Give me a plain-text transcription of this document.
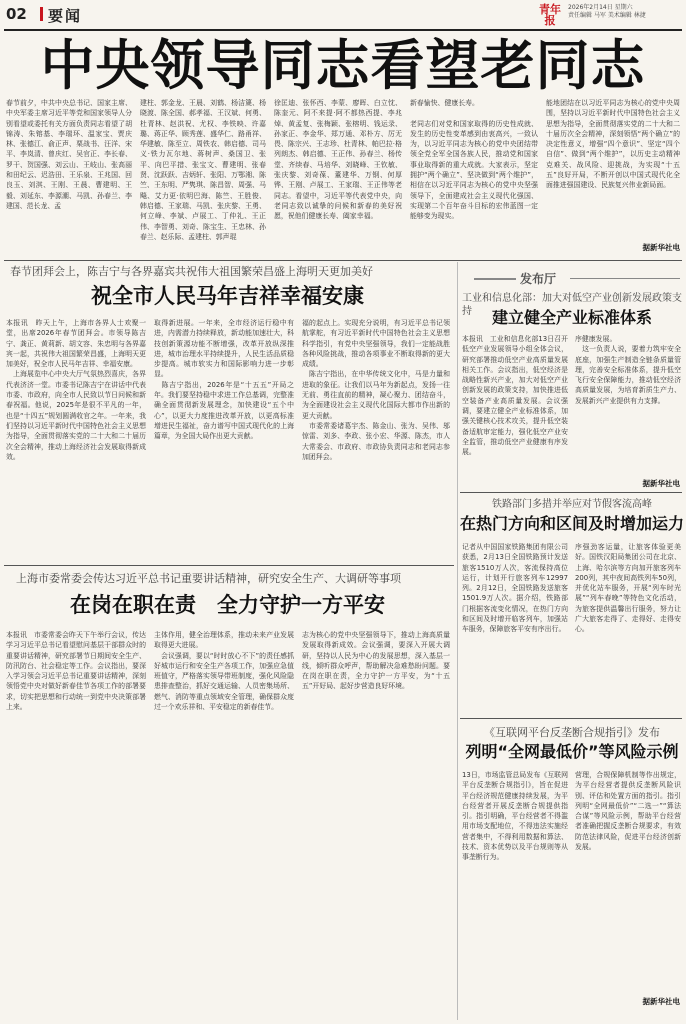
02 要闻	青年报
2026年2月14日 星期六
责任编辑 马军 美术编辑 林捷
中央领导同志看望老同志
春节前夕，中共中央总书记、国家主席、中央军委主席习近平等党和国家领导人分别看望或委托有关方面负责同志看望了胡锦涛、朱镕基、李瑞环、温家宝、贾庆林、张德江、俞正声、栗战书、汪洋、宋平、李岚清、曾庆红、吴官正、李长春、罗干、贺国强、刘云山、王岐山、张高丽和田纪云、迟浩田、王乐泉、王兆国、回良玉、刘淇、王刚、王晨、曹建明、王毅、刘延东、李源潮、马凯、孙春兰、李建国、范长龙、孟
建柱、郭金龙、王晨、刘鹤、杨洁篪、杨晓渡、陈全国、郝孝福、王汉斌、何勇、杜青林、赵洪祝、尤权、李铁映、许嘉璐、蒋正华、顾秀莲、盛华仁、路甬祥、华建敏、陈至立、周铁农、韩启德、司马义·铁力瓦尔地、蒋树声、桑国卫、张平、向巴平措、张宝文、曹建明、张春贤、沈跃跃、吉炳轩、张阳、万鄂湘、陈竺、王东明、严隽琪、陈昌智、周强、马飚、艾力更·依明巴海、陈竺、王胜俊、韩启德、王家瑞、马凯、张庆黎、王勇、何立峰、李斌、卢展工、丁仲礼、王正伟、李智勇、刘奇、陈宝生、王忠林、孙春兰、赵乐际、孟建柱、郭声琨
徐匡迪、张怀西、李蒙、廖晖、白立忱、陈奎元、阿不来提·阿不都热西提、李兆焯、黄孟复、张梅颖、张榕明、钱运录、孙家正、李金华、郑万通、邓朴方、厉无畏、陈宗兴、王志珍、杜青林、帕巴拉·格列朗杰、韩启德、王正伟、孙春兰、杨传堂、齐续春、马培华、刘晓峰、王钦敏、张庆黎、刘奇葆、董建华、万钢、何厚铧、王刚、卢展工、王家瑞、王正伟等老同志。看望中，习近平等代表党中央，向老同志致以诚挚的问候和新春的美好祝愿，祝他们健康长寿、阖家幸福。
新春愉快、健康长寿。

老同志们对党和国家取得的历史性成就、发生的历史性变革感到由衷高兴，一致认为，以习近平同志为核心的党中央团结带领全党全军全国各族人民，推动党和国家事业取得新的重大成就。大家表示，坚定拥护“两个确立”、坚决做到“两个维护”，相信在以习近平同志为核心的党中央坚强领导下，全面建成社会主义现代化强国、实现第二个百年奋斗目标的宏伟蓝图一定能够变为现实。
能地团结在以习近平同志为核心的党中央周围，坚持以习近平新时代中国特色社会主义思想为指导，全面贯彻落实党的二十大和二十届历次全会精神，深刻领悟“两个确立”的决定性意义，增强“四个意识”、坚定“四个自信”、做到“两个维护”，以历史主动精神克难关、战风险、迎挑战，为实现“十五五”良好开局，不断开创以中国式现代化全面推进强国建设、民族复兴伟业新局面。
据新华社电
春节团拜会上，陈吉宁与各界嘉宾共祝伟大祖国繁荣昌盛上海明天更加美好
祝全市人民马年吉祥幸福安康
本报讯　昨天上午，上海市各界人士欢聚一堂，出席2026年春节团拜会。市领导陈吉宁、龚正、黄莉新、胡文容、朱忠明与各界嘉宾一起，共祝伟大祖国繁荣昌盛，上海明天更加美好，祝全市人民马年吉祥、幸福安康。
　上海展览中心中央大厅气氛热烈喜庆，各界代表济济一堂。市委书记陈吉宁在讲话中代表市委、市政府，向全市人民致以节日问候和新春祝福。他说，2025年是很不平凡的一年，也是“十四五”规划圆满收官之年。一年来，我们坚持以习近平新时代中国特色社会主义思想为指导，全面贯彻落实党的二十大和二十届历次全会精神，推动上海经济社会发展取得新成效。
取得新进展。一年来，全市经济运行稳中有进，内需潜力持续释放，新动能加速壮大，科技创新策源功能不断增强，改革开放纵深推进，城市治理水平持续提升，人民生活品质稳步提高。城市软实力和国际影响力进一步彰显。
　陈吉宁指出，2026年是“十五五”开局之年。我们要坚持稳中求进工作总基调，完整准确全面贯彻新发展理念，加快建设“五个中心”，以更大力度推进改革开放，以更高标准增进民生福祉，奋力谱写中国式现代化的上海篇章，为全国大局作出更大贡献。
福的起点上。实现充分说明，有习近平总书记领航掌舵，有习近平新时代中国特色社会主义思想科学指引，有党中央坚强领导，我们一定能战胜各种风险挑战，推动各项事业不断取得新的更大成绩。
　陈吉宁指出，在中华传统文化中，马是力量和进取的象征。让我们以马年为新起点，发扬一往无前、勇往直前的精神，凝心聚力、团结奋斗，为全面建设社会主义现代化国际大都市作出新的更大贡献。
　市委常委诸葛宇杰、陈金山、张为、吴伟、邬惊雷、刘多、李政、张小宏、华源、陈杰，市人大常委会、市政府、市政协负责同志和老同志参加团拜会。
上海市委常委会传达习近平总书记重要讲话精神，研究安全生产、大调研等事项
在岗在职在责　全力守护一方平安
本报讯　市委常委会昨天下午举行会议，传达学习习近平总书记看望慰问基层干部群众时的重要讲话精神，研究部署节日期间安全生产、防汛防台、社会稳定等工作。会议指出，要深入学习领会习近平总书记重要讲话精神，深刻领悟党中央对做好新春佳节各项工作的部署要求，切实把思想和行动统一到党中央决策部署上来。
主体作用，健全治理体系，推动未来产业发展取得更大进展。
　会议强调，要以“时时放心不下”的责任感抓好城市运行和安全生产各项工作，加强应急值班值守，严格落实领导带班制度，强化风险隐患排查整治，抓好交通运输、人员密集场所、燃气、消防等重点领域安全管理，确保群众度过一个欢乐祥和、平安稳定的新春佳节。
志为核心的党中央坚强领导下，推动上海高质量发展取得新成效。会议强调，要深入开展大调研，坚持以人民为中心的发展思想，深入基层一线，倾听群众呼声，帮助解决急难愁盼问题。要在岗在职在责，全力守护一方平安，为“十五五”开好局、起好步营造良好环境。
发布厅
工业和信息化部：加大对低空产业创新发展政策支持	建立健全产业标准体系
本报讯　工业和信息化部13日召开低空产业发展领导小组全体会议，研究部署推动低空产业高质量发展相关工作。会议指出，低空经济是战略性新兴产业，加大对低空产业创新发展的政策支持，加快推进低空装备产业高质量发展。会议强调，要建立健全产业标准体系，加强关键核心技术攻关，提升低空装备适航审定能力，强化低空产业安全监管，推动低空产业健康有序发展。
序健康发展。
　这一负责人说，要着力筑牢安全底座，加强生产制造全链条质量管理，完善安全标准体系，提升低空飞行安全保障能力，推动低空经济高质量发展，为培育新质生产力、发展新兴产业提供有力支撑。
据新华社电
铁路部门多措并举应对节假客流高峰
在热门方向和区间及时增加运力
记者从中国国家铁路集团有限公司获悉，2月13日全国铁路预计发送旅客1510万人次，客流保持高位运行，计划开行旅客列车12997列。2月12日，全国铁路发送旅客1501.9万人次。据介绍，铁路部门根据客流变化情况，在热门方向和区间及时增开临客列车，加强站车服务，保障旅客平安有序出行。
序强劲客运量，让旅客体验更美好。国铁汉阳局集团公司在北京、上海、哈尔滨等方向加开旅客列车200列，其中夜间高铁列车50列，并优化站车服务，开展“列车时光展”“列车春晚”等特色文化活动，为旅客提供温馨出行服务，努力让广大旅客走得了、走得好、走得安心。
《互联网平台反垄断合规指引》发布
列明“全网最低价”等风险示例
13日，市场监管总局发布《互联网平台反垄断合规指引》，旨在促进平台经济规范健康持续发展，为平台经营者开展反垄断合规提供指引。指引明确，平台经营者不得滥用市场支配地位，不得违法实施经营者集中，不得利用数据和算法、技术、资本优势以及平台规则等从事垄断行为。
营理，合规保障机制等作出规定，为平台经营者提供反垄断风险识别、评估和处置方面的指引。指引列明“全网最低价”“二选一”“算法合谋”等风险示例，帮助平台经营者准确把握反垄断合规要求，有效防范法律风险，促进平台经济创新发展。
据新华社电
